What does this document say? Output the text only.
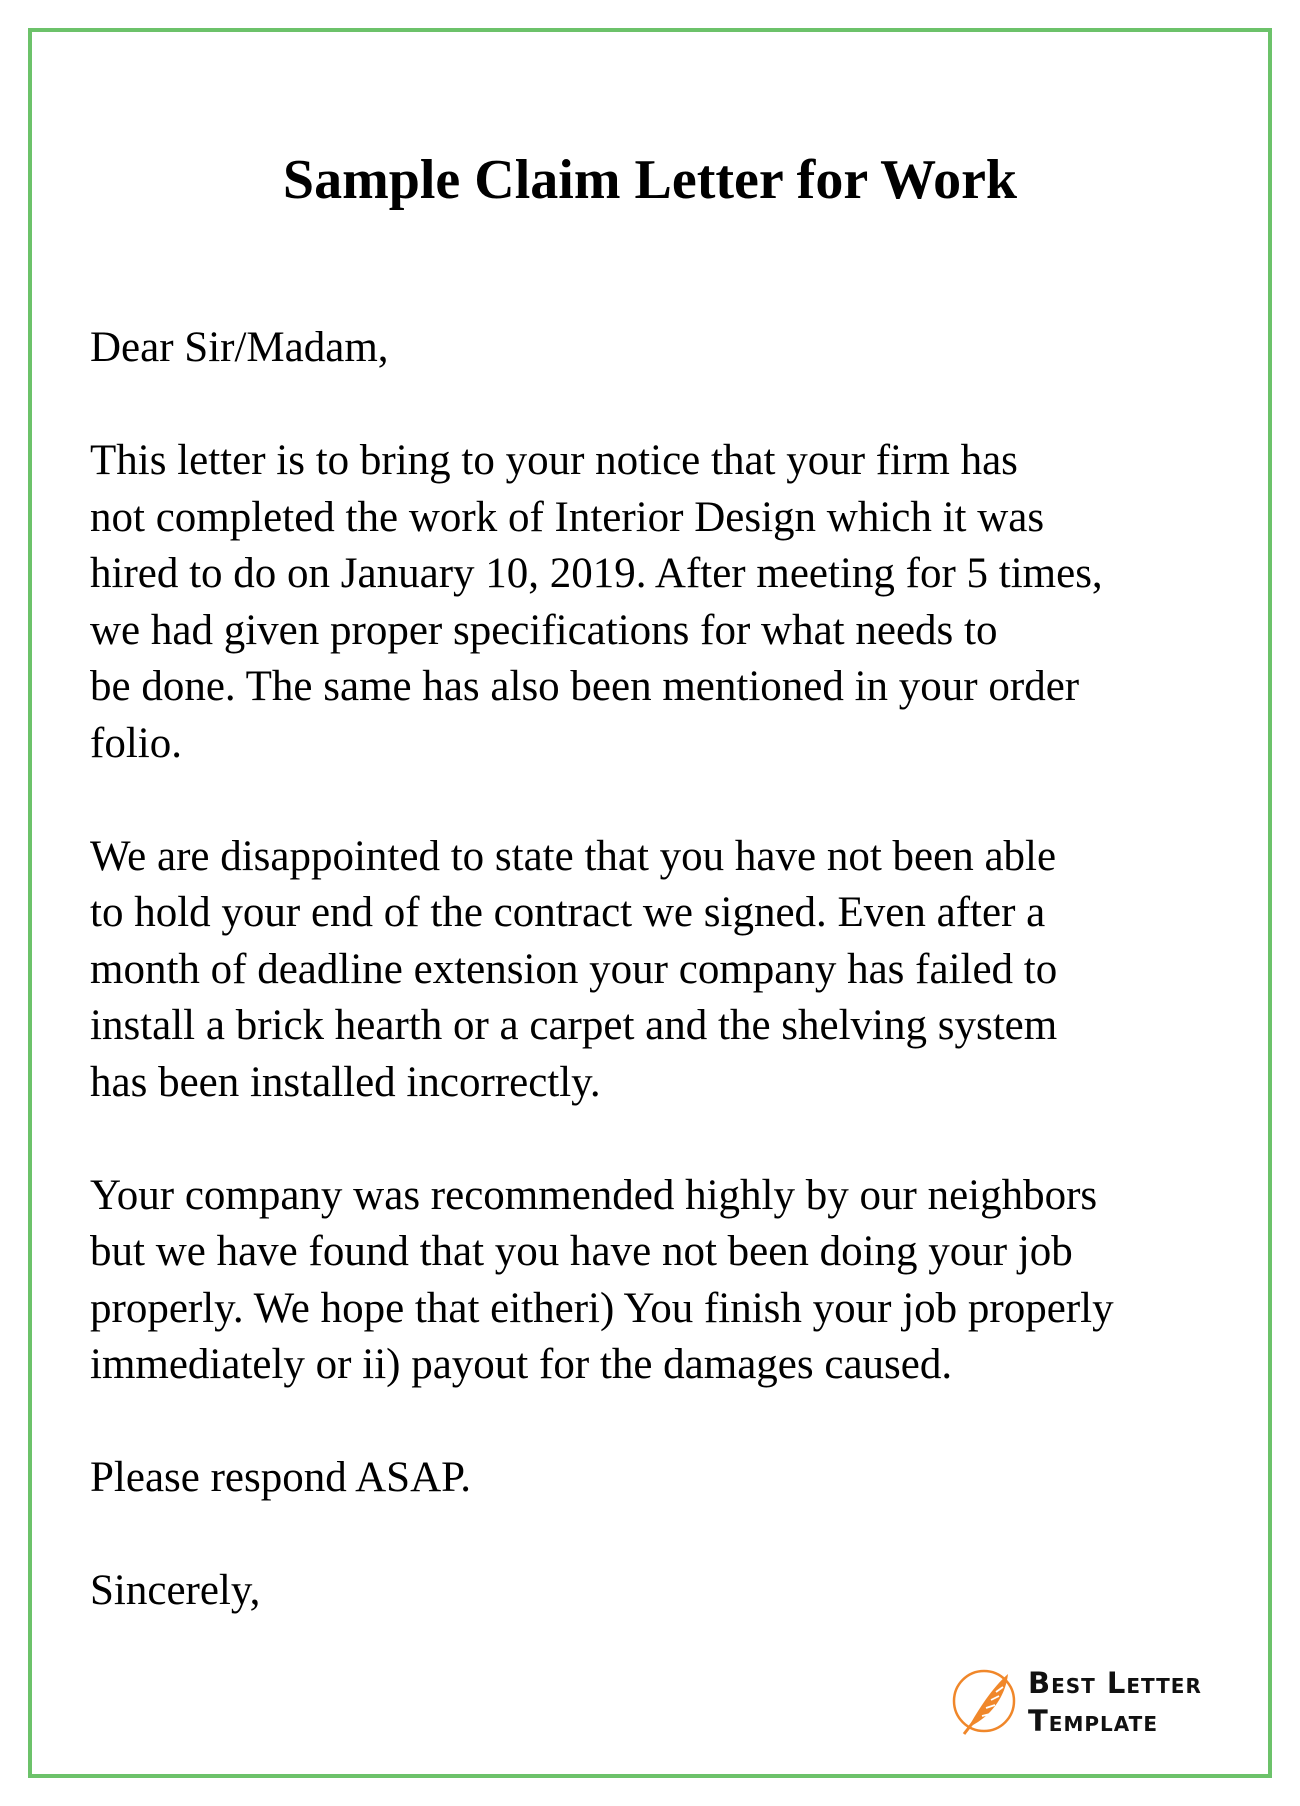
Sample Claim Letter for Work

Dear Sir/Madam,

This letter is to bring to your notice that your firm has
not completed the work of Interior Design which it was
hired to do on January 10, 2019. After meeting for 5 times,
we had given proper specifications for what needs to
be done. The same has also been mentioned in your order
folio.

We are disappointed to state that you have not been able
to hold your end of the contract we signed. Even after a
month of deadline extension your company has failed to
install a brick hearth or a carpet and the shelving system
has been installed incorrectly.

Your company was recommended highly by our neighbors
but we have found that you have not been doing your job
properly. We hope that eitheri) You finish your job properly
immediately or ii) payout for the damages caused.

Please respond ASAP.

Sincerely,

Best Letter
Template
